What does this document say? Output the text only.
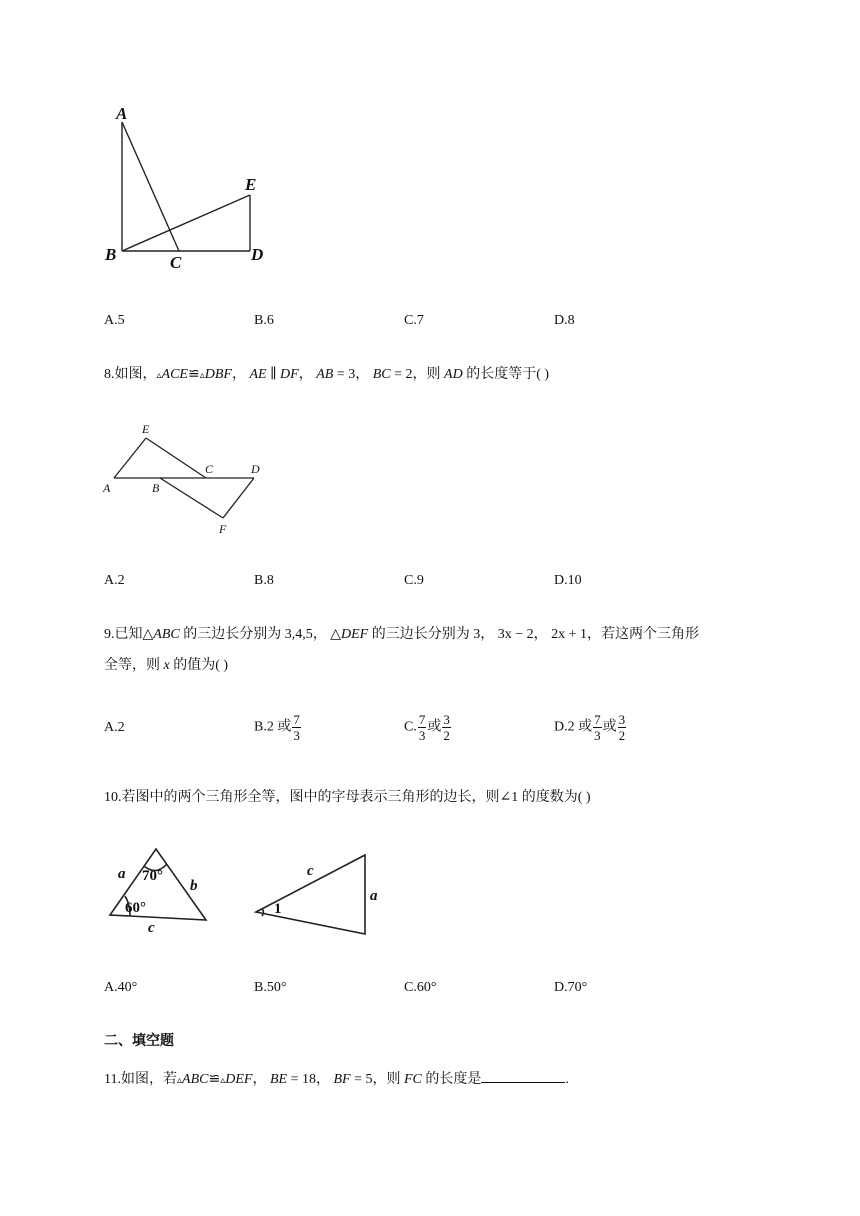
A
B	C	D
E
A.5	B.6	C.7	D.8
8.如图，▵ACE≌▵DBF， AE ∥ DF， AB = 3， BC = 2，则 AD 的长度等于( )
A	B
C	D
E
F
A.2	B.8	C.9	D.10
9.已知△ABC 的三边长分别为 3,4,5， △DEF 的三边长分别为 3， 3x − 2， 2x + 1，若这两个三角形
全等，则 x 的值为( )
A.2	B.2 或 $\frac{7}{3}$	C. $\frac{7}{3}$ 或 $\frac{3}{2}$	D.2 或 $\frac{7}{3}$ 或 $\frac{3}{2}$
10.若图中的两个三角形全等，图中的字母表示三角形的边长，则∠1 的度数为( )
a
b
c
70°
60°
c
a
1
A.40°	B.50°	C.60°	D.70°
二、填空题
11.如图，若▵ABC≌▵DEF， BE = 18， BF = 5，则 FC 的长度是	.
